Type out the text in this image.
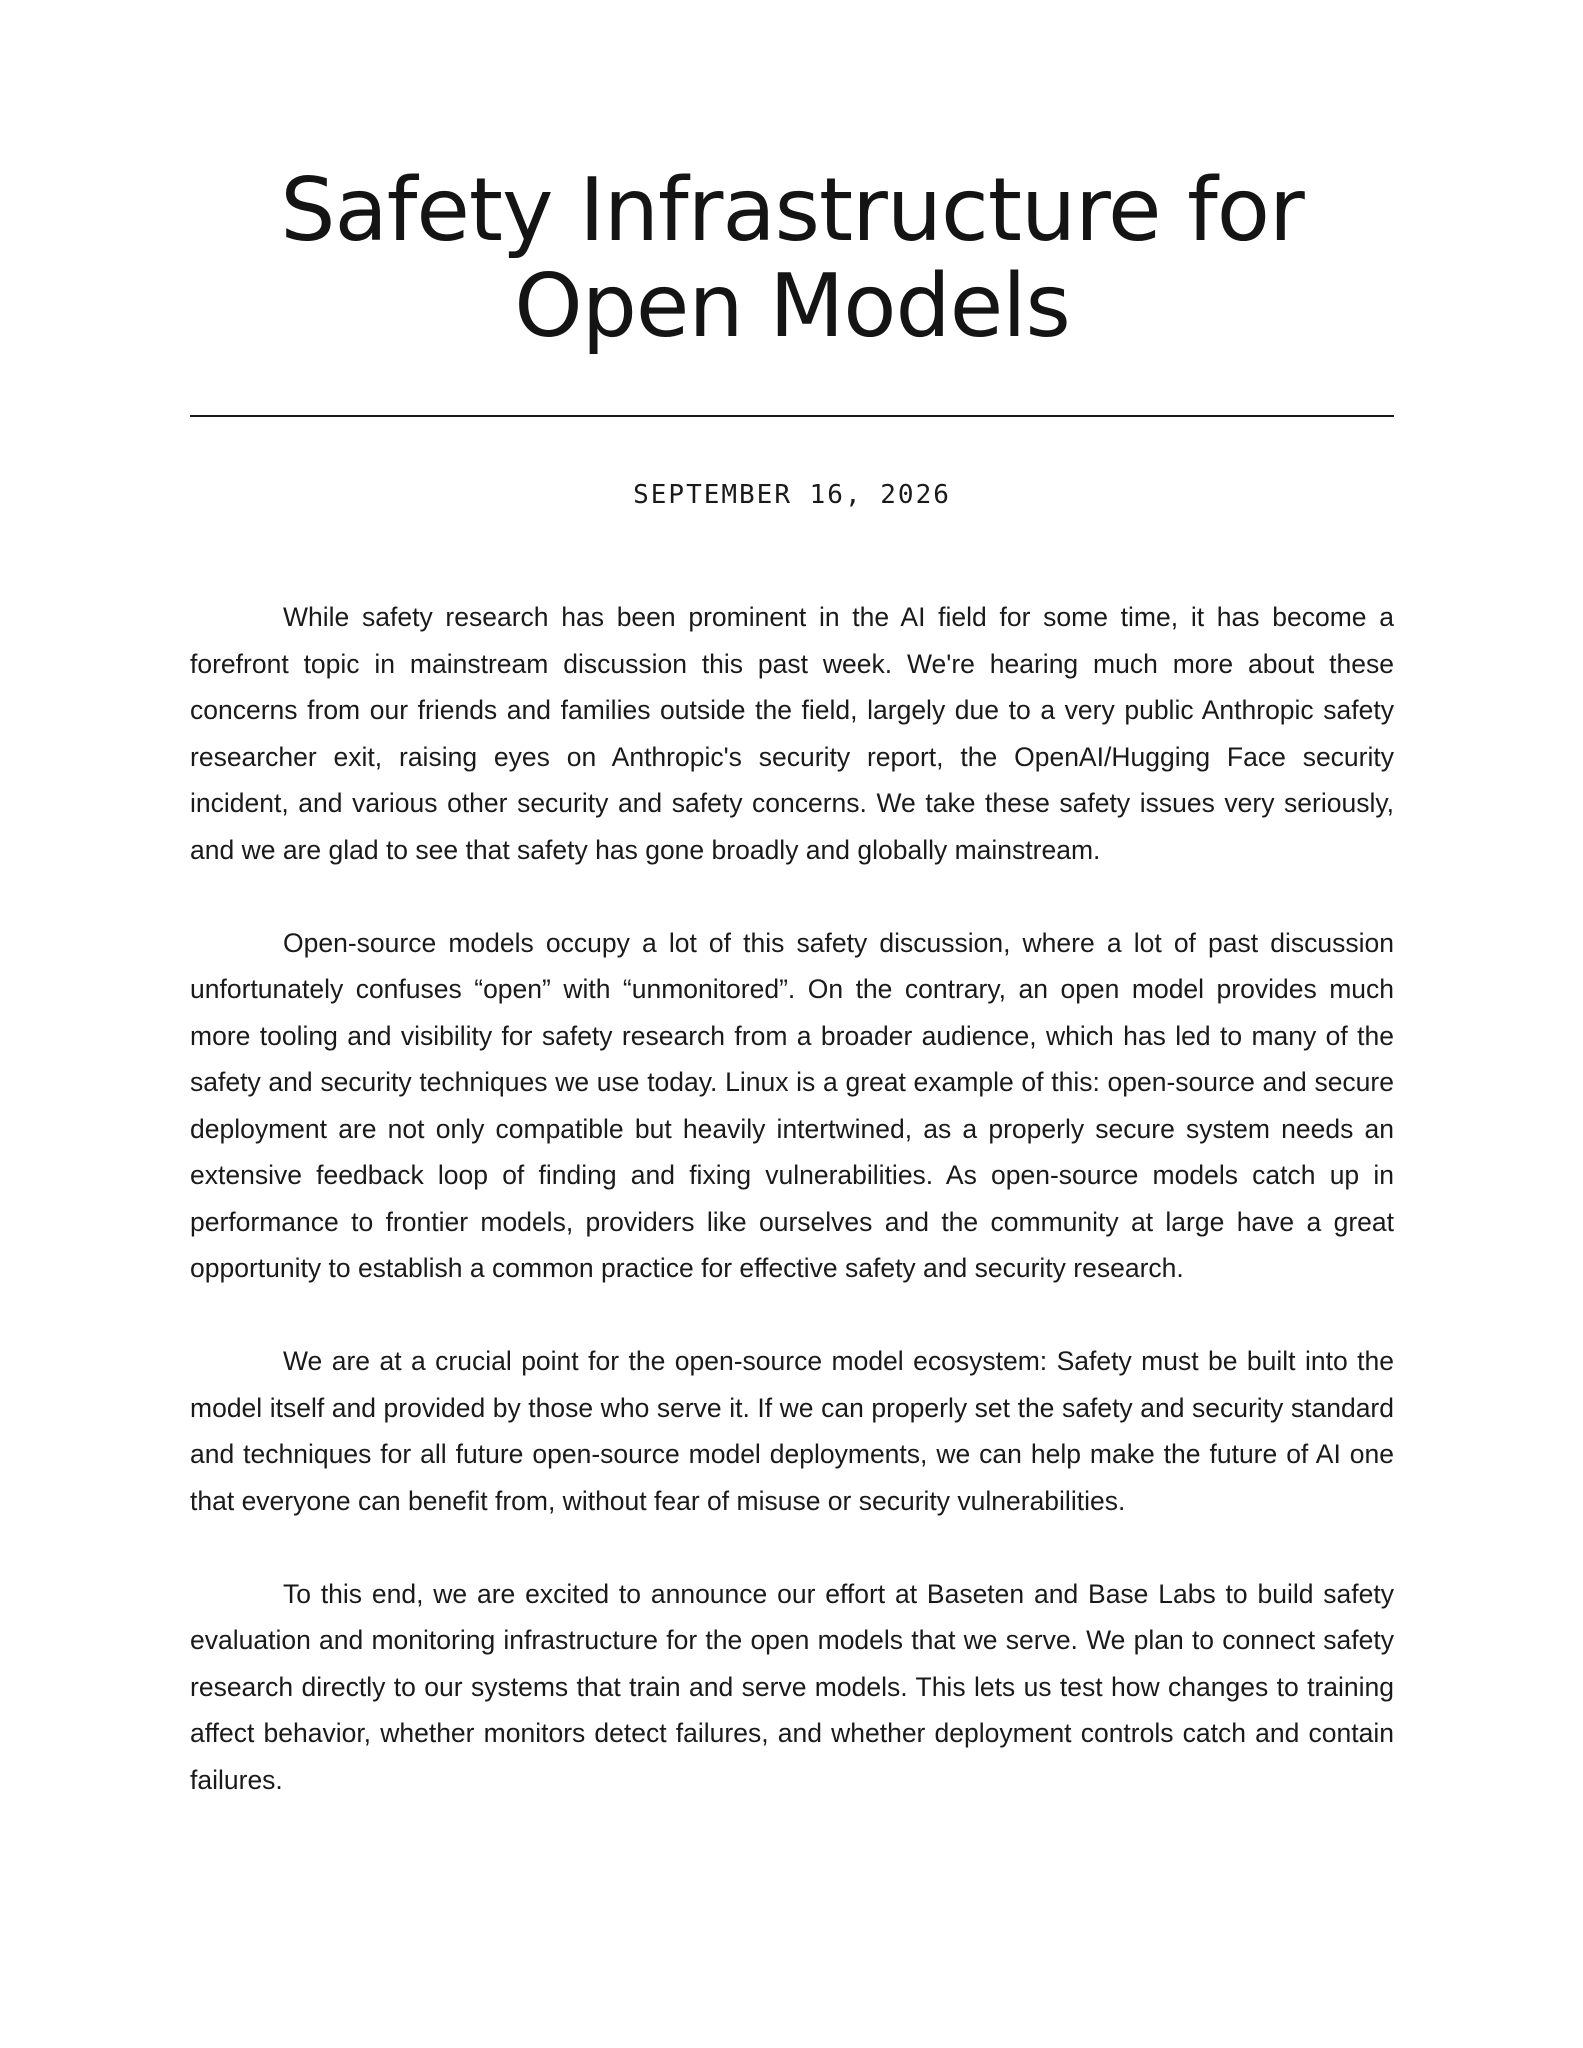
Safety Infrastructure for Open Models
SEPTEMBER 16, 2026

While safety research has been prominent in the AI field for some time, it has become a forefront topic in mainstream discussion this past week. We're hearing much more about these concerns from our friends and families outside the field, largely due to a very public Anthropic safety researcher exit, raising eyes on Anthropic's security report, the OpenAI/Hugging Face security incident, and various other security and safety concerns. We take these safety issues very seriously, and we are glad to see that safety has gone broadly and globally mainstream.

Open-source models occupy a lot of this safety discussion, where a lot of past discussion unfortunately confuses “open” with “unmonitored”. On the contrary, an open model provides much more tooling and visibility for safety research from a broader audience, which has led to many of the safety and security techniques we use today. Linux is a great example of this: open-source and secure deployment are not only compatible but heavily intertwined, as a properly secure system needs an extensive feedback loop of finding and fixing vulnerabilities. As open-source models catch up in performance to frontier models, providers like ourselves and the community at large have a great opportunity to establish a common practice for effective safety and security research.

We are at a crucial point for the open-source model ecosystem: Safety must be built into the model itself and provided by those who serve it. If we can properly set the safety and security standard and techniques for all future open-source model deployments, we can help make the future of AI one that everyone can benefit from, without fear of misuse or security vulnerabilities.

To this end, we are excited to announce our effort at Baseten and Base Labs to build safety evaluation and monitoring infrastructure for the open models that we serve. We plan to connect safety research directly to our systems that train and serve models. This lets us test how changes to training affect behavior, whether monitors detect failures, and whether deployment controls catch and contain failures.
